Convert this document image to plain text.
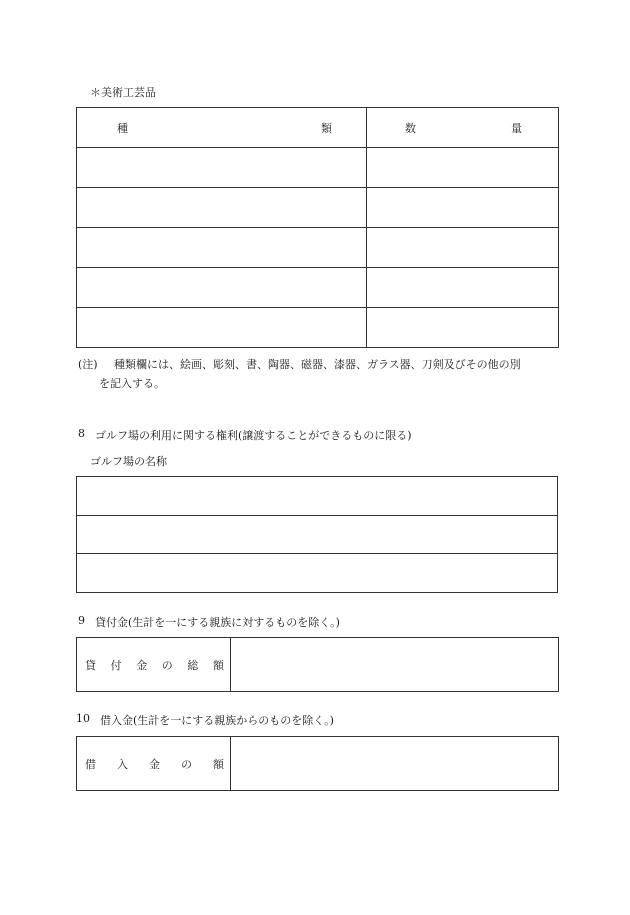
＊美術工芸品
種 類	数 量

(注) 種類欄には、絵画、彫刻、書、陶器、磁器、漆器、ガラス器、刀剣及びその他の別
を記入する。
8 ゴルフ場の利用に関する権利(譲渡することができるものに限る)
ゴルフ場の名称

9 貸付金(生計を一にする親族に対するものを除く。)
貸 付 金 の 総 額

10 借入金(生計を一にする親族からのものを除く。)
借 入 金 の 額
